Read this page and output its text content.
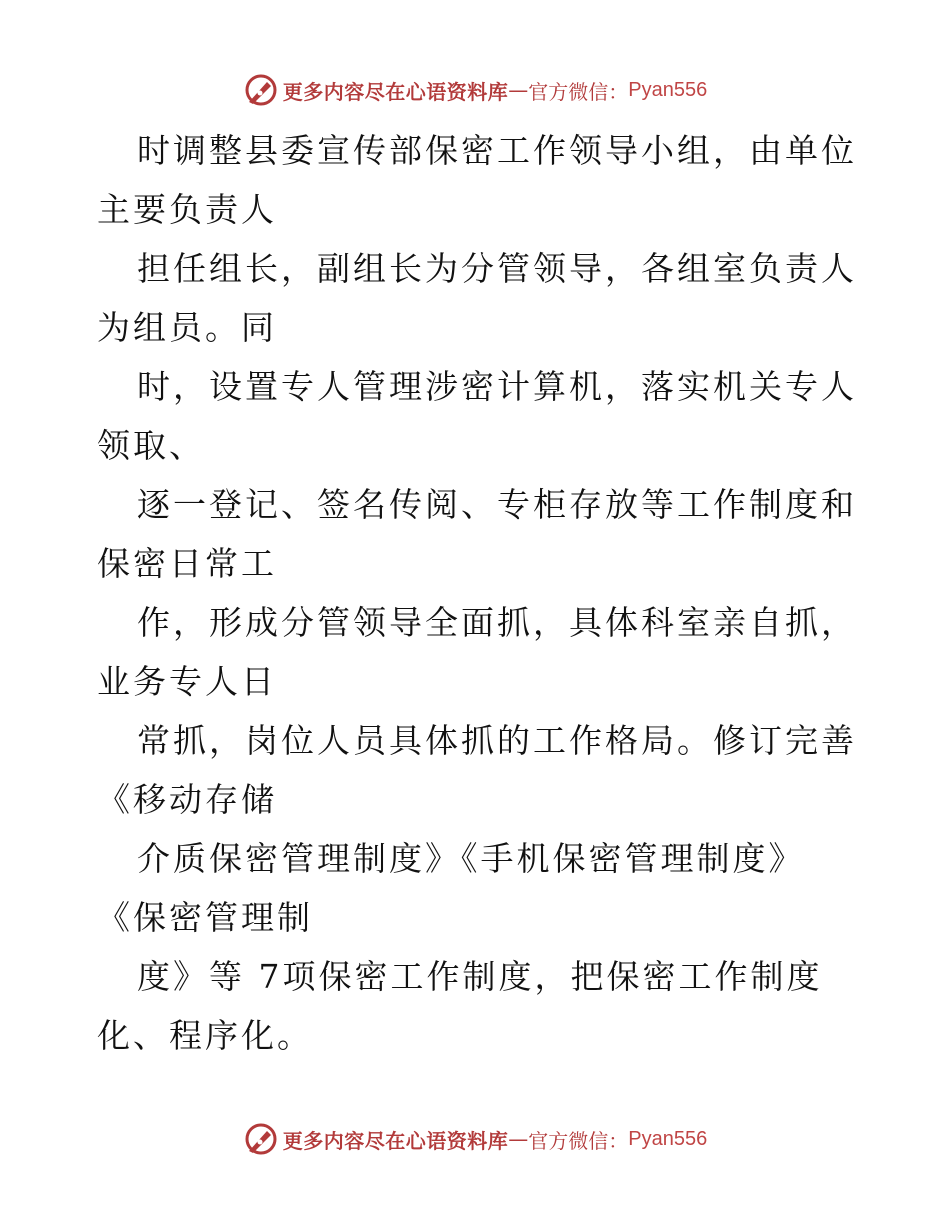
更多内容尽在心语资料库 — 官方微信： Pyan556

时调整县委宣传部保密工作领导小组，由单位主要负责人

担任组长，副组长为分管领导，各组室负责人为组员。同

时，设置专人管理涉密计算机，落实机关专人领取、

逐一登记、签名传阅、专柜存放等工作制度和保密日常工

作，形成分管领导全面抓，具体科室亲自抓，业务专人日

常抓，岗位人员具体抓的工作格局。修订完善《移动存储

介质保密管理制度》《手机保密管理制度》《保密管理制

度》等 7项保密工作制度，把保密工作制度化、程序化。

更多内容尽在心语资料库 — 官方微信： Pyan556
